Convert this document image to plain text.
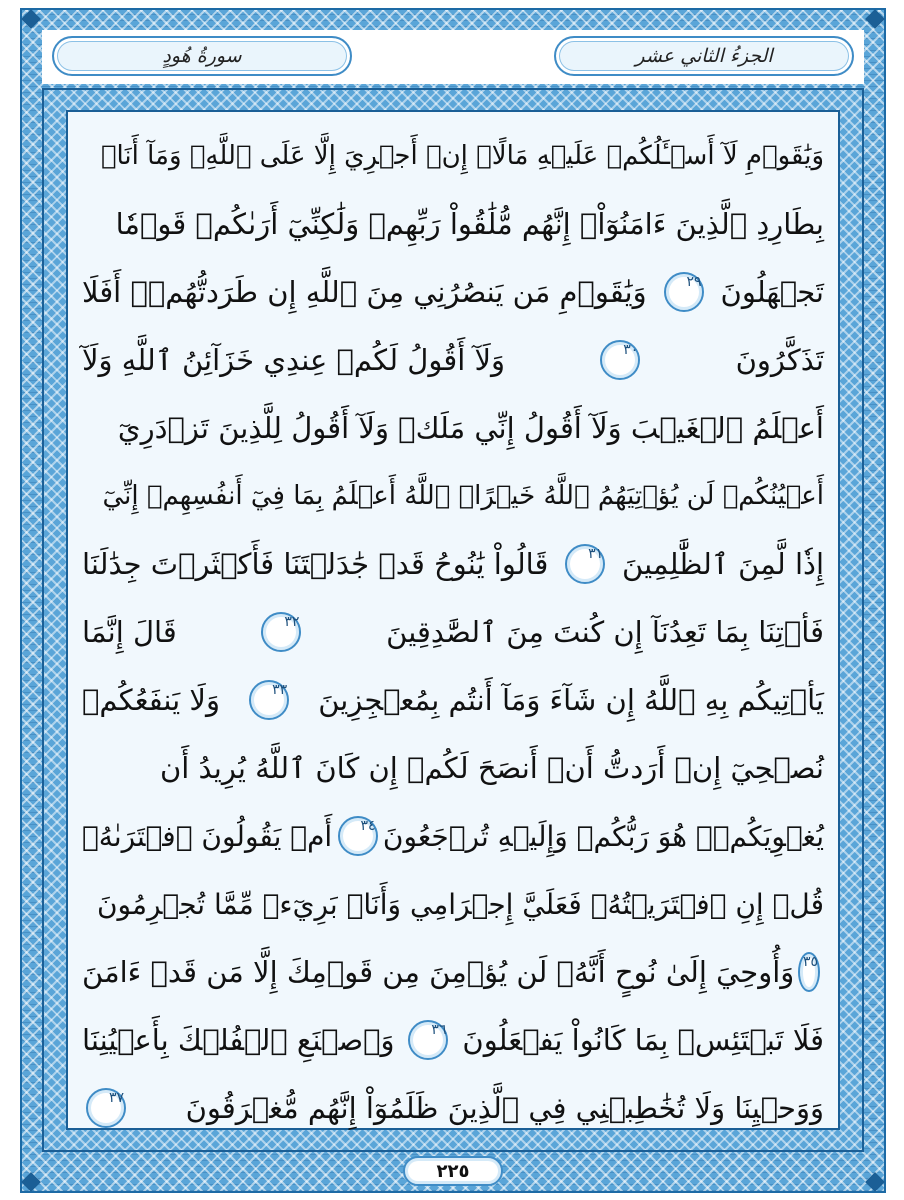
الجزءُ الثاني عشر
سورةُ هُودٍ
وَيَٰقَوۡمِ لَآ أَسۡـَٔلُكُمۡ عَلَيۡهِ مَالًاۖ إِنۡ أَجۡرِيَ إِلَّا عَلَى ٱللَّهِۚ وَمَآ أَنَا۠
بِطَارِدِ ٱلَّذِينَ ءَامَنُوٓاْۚ إِنَّهُم مُّلَٰقُواْ رَبِّهِمۡ وَلَٰكِنِّيٓ أَرَىٰكُمۡ قَوۡمٗا
تَجۡهَلُونَ
٢٩
وَيَٰقَوۡمِ مَن يَنصُرُنِي مِنَ ٱللَّهِ إِن طَرَدتُّهُمۡۚ أَفَلَا
تَذَكَّرُونَ
٣٠
وَلَآ أَقُولُ لَكُمۡ عِندِي خَزَآئِنُ ٱللَّهِ وَلَآ
أَعۡلَمُ ٱلۡغَيۡبَ وَلَآ أَقُولُ إِنِّي مَلَكٞ وَلَآ أَقُولُ لِلَّذِينَ تَزۡدَرِيٓ
أَعۡيُنُكُمۡ لَن يُؤۡتِيَهُمُ ٱللَّهُ خَيۡرًاۖ ٱللَّهُ أَعۡلَمُ بِمَا فِيٓ أَنفُسِهِمۡ إِنِّيٓ
إِذٗا لَّمِنَ ٱلظَّٰلِمِينَ
٣١
قَالُواْ يَٰنُوحُ قَدۡ جَٰدَلۡتَنَا فَأَكۡثَرۡتَ جِدَٰلَنَا
فَأۡتِنَا بِمَا تَعِدُنَآ إِن كُنتَ مِنَ ٱلصَّٰدِقِينَ
٣٢
قَالَ إِنَّمَا
يَأۡتِيكُم بِهِ ٱللَّهُ إِن شَآءَ وَمَآ أَنتُم بِمُعۡجِزِينَ
٣٣
وَلَا يَنفَعُكُمۡ
نُصۡحِيٓ إِنۡ أَرَدتُّ أَنۡ أَنصَحَ لَكُمۡ إِن كَانَ ٱللَّهُ يُرِيدُ أَن
يُغۡوِيَكُمۡۚ هُوَ رَبُّكُمۡ وَإِلَيۡهِ تُرۡجَعُونَ
٣٤
أَمۡ يَقُولُونَ ٱفۡتَرَىٰهُۖ
قُلۡ إِنِ ٱفۡتَرَيۡتُهُۥ فَعَلَيَّ إِجۡرَامِي وَأَنَا۠ بَرِيٓءٞ مِّمَّا تُجۡرِمُونَ
٣٥
وَأُوحِيَ إِلَىٰ نُوحٍ أَنَّهُۥ لَن يُؤۡمِنَ مِن قَوۡمِكَ إِلَّا مَن قَدۡ ءَامَنَ
فَلَا تَبۡتَئِسۡ بِمَا كَانُواْ يَفۡعَلُونَ
٣٦
وَٱصۡنَعِ ٱلۡفُلۡكَ بِأَعۡيُنِنَا
وَوَحۡيِنَا وَلَا تُخَٰطِبۡنِي فِي ٱلَّذِينَ ظَلَمُوٓاْ إِنَّهُم مُّغۡرَقُونَ
٣٧
٢٢٥
